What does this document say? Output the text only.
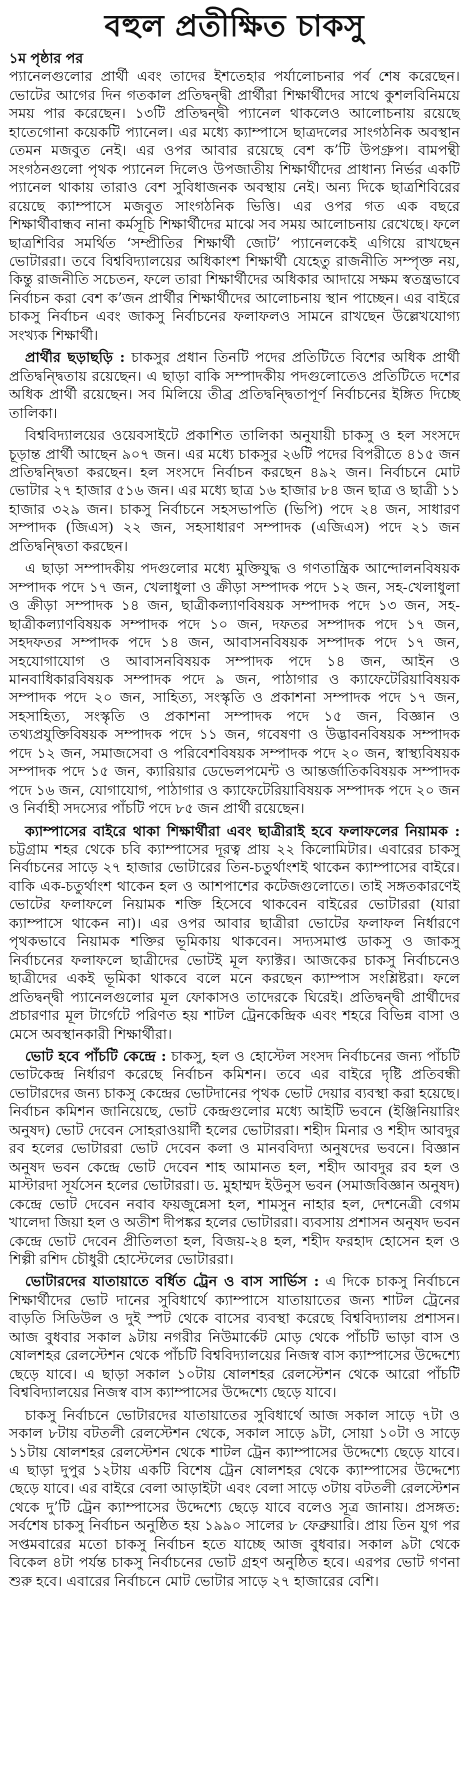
বহুল প্রতীক্ষিত চাকসু

১ম পৃষ্ঠার পর
প্যানেলগুলোর প্রার্থী এবং তাদের ইশতেহার পর্যালোচনার পর্ব শেষ করেছেন। ভোটের আগের দিন গতকাল প্রতিদ্বন্দ্বী প্রার্থীরা শিক্ষার্থীদের সাথে কুশলবিনিময়ে সময় পার করেছেন। ১৩টি প্রতিদ্বন্দ্বী প্যানেল থাকলেও আলোচনায় রয়েছে হাতেগোনা কয়েকটি প্যানেল। এর মধ্যে ক্যাম্পাসে ছাত্রদলের সাংগঠনিক অবস্থান তেমন মজবুত নেই। এর ওপর আবার রয়েছে বেশ ক’টি উপগ্রুপ। বামপন্থী সংগঠনগুলো পৃথক প্যানেল দিলেও উপজাতীয় শিক্ষার্থীদের প্রাধান্য নির্ভর একটি প্যানেল থাকায় তারাও বেশ সুবিধাজনক অবস্থায় নেই। অন্য দিকে ছাত্রশিবিরের রয়েছে ক্যাম্পাসে মজবুত সাংগঠনিক ভিত্তি। এর ওপর গত এক বছরে শিক্ষার্থীবান্ধব নানা কর্মসূচি শিক্ষার্থীদের মাঝে সব সময় আলোচনায় রেখেছে। ফলে ছাত্রশিবির সমর্থিত ‘সম্প্রীতির শিক্ষার্থী জোট’ প্যানেলকেই এগিয়ে রাখছেন ভোটাররা। তবে বিশ্ববিদ্যালয়ের অধিকাংশ শিক্ষার্থী যেহেতু রাজনীতি সম্পৃক্ত নয়, কিন্তু রাজনীতি সচেতন, ফলে তারা শিক্ষার্থীদের অধিকার আদায়ে সক্ষম স্বতন্ত্রভাবে নির্বাচন করা বেশ ক’জন প্রার্থীর শিক্ষার্থীদের আলোচনায় স্থান পাচ্ছেন। এর বাইরে চাকসু নির্বাচন এবং জাকসু নির্বাচনের ফলাফলও সামনে রাখছেন উল্লেখযোগ্য সংখ্যক শিক্ষার্থী।

প্রার্থীর ছড়াছড়ি : চাকসুর প্রধান তিনটি পদের প্রতিটিতে বিশের অধিক প্রার্থী প্রতিদ্বন্দ্বিতায় রয়েছেন। এ ছাড়া বাকি সম্পাদকীয় পদগুলোতেও প্রতিটিতে দশের অধিক প্রার্থী রয়েছেন। সব মিলিয়ে তীব্র প্রতিদ্বন্দ্বিতাপূর্ণ নির্বাচনের ইঙ্গিত দিচ্ছে তালিকা।

বিশ্ববিদ্যালয়ের ওয়েবসাইটে প্রকাশিত তালিকা অনুযায়ী চাকসু ও হল সংসদে চূড়ান্ত প্রার্থী আছেন ৯০৭ জন। এর মধ্যে চাকসুর ২৬টি পদের বিপরীতে ৪১৫ জন প্রতিদ্বন্দ্বিতা করছেন। হল সংসদে নির্বাচন করছেন ৪৯২ জন। নির্বাচনে মোট ভোটার ২৭ হাজার ৫১৬ জন। এর মধ্যে ছাত্র ১৬ হাজার ৮৪ জন ছাত্র ও ছাত্রী ১১ হাজার ৩২৯ জন। চাকসু নির্বাচনে সহসভাপতি (ভিপি) পদে ২৪ জন, সাধারণ সম্পাদক (জিএস) ২২ জন, সহসাধারণ সম্পাদক (এজিএস) পদে ২১ জন প্রতিদ্বন্দ্বিতা করছেন।

এ ছাড়া সম্পাদকীয় পদগুলোর মধ্যে মুক্তিযুদ্ধ ও গণতান্ত্রিক আন্দোলনবিষয়ক সম্পাদক পদে ১৭ জন, খেলাধুলা ও ক্রীড়া সম্পাদক পদে ১২ জন, সহ-খেলাধুলা ও ক্রীড়া সম্পাদক ১৪ জন, ছাত্রীকল্যাণবিষয়ক সম্পাদক পদে ১৩ জন, সহ-ছাত্রীকল্যাণবিষয়ক সম্পাদক পদে ১০ জন, দফতর সম্পাদক পদে ১৭ জন, সহদফতর সম্পাদক পদে ১৪ জন, আবাসনবিষয়ক সম্পাদক পদে ১৭ জন, সহযোগাযোগ ও আবাসনবিষয়ক সম্পাদক পদে ১৪ জন, আইন ও মানবাধিকারবিষয়ক সম্পাদক পদে ৯ জন, পাঠাগার ও ক্যাফেটেরিয়াবিষয়ক সম্পাদক পদে ২০ জন, সাহিত্য, সংস্কৃতি ও প্রকাশনা সম্পাদক পদে ১৭ জন, সহসাহিত্য, সংস্কৃতি ও প্রকাশনা সম্পাদক পদে ১৫ জন, বিজ্ঞান ও তথ্যপ্রযুক্তিবিষয়ক সম্পাদক পদে ১১ জন, গবেষণা ও উদ্ভাবনবিষয়ক সম্পাদক পদে ১২ জন, সমাজসেবা ও পরিবেশবিষয়ক সম্পাদক পদে ২০ জন, স্বাস্থ্যবিষয়ক সম্পাদক পদে ১৫ জন, ক্যারিয়ার ডেভেলপমেন্ট ও আন্তর্জাতিকবিষয়ক সম্পাদক পদে ১৬ জন, যোগাযোগ, পাঠাগার ও ক্যাফেটেরিয়াবিষয়ক সম্পাদক পদে ২০ জন ও নির্বাহী সদস্যের পাঁচটি পদে ৮৫ জন প্রার্থী রয়েছেন।

ক্যাম্পাসের বাইরে থাকা শিক্ষার্থীরা এবং ছাত্রীরাই হবে ফলাফলের নিয়ামক : চট্টগ্রাম শহর থেকে চবি ক্যাম্পাসের দূরত্ব প্রায় ২২ কিলোমিটার। এবারের চাকসু নির্বাচনের সাড়ে ২৭ হাজার ভোটারের তিন-চতুর্থাংশই থাকেন ক্যাম্পাসের বাইরে। বাকি এক-চতুর্থাংশ থাকেন হল ও আশপাশের কটেজগুলোতে। তাই সঙ্গতকারণেই ভোটের ফলাফলে নিয়ামক শক্তি হিসেবে থাকবেন বাইরের ভোটাররা (যারা ক্যাম্পাসে থাকেন না)। এর ওপর আবার ছাত্রীরা ভোটের ফলাফল নির্ধারণে পৃথকভাবে নিয়ামক শক্তির ভূমিকায় থাকবেন। সদ্যসমাপ্ত ডাকসু ও জাকসু নির্বাচনের ফলাফলে ছাত্রীদের ভোটই মূল ফ্যাক্টর। আজকের চাকসু নির্বাচনেও ছাত্রীদের একই ভূমিকা থাকবে বলে মনে করছেন ক্যাম্পাস সংশ্লিষ্টরা। ফলে প্রতিদ্বন্দ্বী প্যানেলগুলোর মূল ফোকাসও তাদেরকে ঘিরেই। প্রতিদ্বন্দ্বী প্রার্থীদের প্রচারণার মূল টার্গেটে পরিণত হয় শাটল ট্রেনকেন্দ্রিক এবং শহরে বিভিন্ন বাসা ও মেসে অবস্থানকারী শিক্ষার্থীরা।

ভোট হবে পাঁচটি কেন্দ্রে : চাকসু, হল ও হোস্টেল সংসদ নির্বাচনের জন্য পাঁচটি ভোটকেন্দ্র নির্ধারণ করেছে নির্বাচন কমিশন। তবে এর বাইরে দৃষ্টি প্রতিবন্ধী ভোটারদের জন্য চাকসু কেন্দ্রের ভোটদানের পৃথক ভোট দেয়ার ব্যবস্থা করা হয়েছে। নির্বাচন কমিশন জানিয়েছে, ভোট কেন্দ্রগুলোর মধ্যে আইটি ভবনে (ইঞ্জিনিয়ারিং অনুষদ) ভোট দেবেন সোহরাওয়ার্দী হলের ভোটাররা। শহীদ মিনার ও শহীদ আবদুর রব হলের ভোটাররা ভোট দেবেন কলা ও মানববিদ্যা অনুষদের ভবনে। বিজ্ঞান অনুষদ ভবন কেন্দ্রে ভোট দেবেন শাহ আমানত হল, শহীদ আবদুর রব হল ও মাস্টারদা সূর্যসেন হলের ভোটাররা। ড. মুহাম্মদ ইউনুস ভবন (সমাজবিজ্ঞান অনুষদ) কেন্দ্রে ভোট দেবেন নবাব ফয়জুন্নেসা হল, শামসুন নাহার হল, দেশনেত্রী বেগম খালেদা জিয়া হল ও অতীশ দীপঙ্কর হলের ভোটাররা। ব্যবসায় প্রশাসন অনুষদ ভবন কেন্দ্রে ভোট দেবেন প্রীতিলতা হল, বিজয়-২৪ হল, শহীদ ফরহাদ হোসেন হল ও শিল্পী রশিদ চৌধুরী হোস্টেলের ভোটাররা।

ভোটারদের যাতায়াতে বর্ধিত ট্রেন ও বাস সার্ভিস : এ দিকে চাকসু নির্বাচনে শিক্ষার্থীদের ভোট দানের সুবিধার্থে ক্যাম্পাসে যাতায়াতের জন্য শাটল ট্রেনের বাড়তি সিডিউল ও দুই স্পট থেকে বাসের ব্যবস্থা করেছে বিশ্ববিদ্যালয় প্রশাসন। আজ বুধবার সকাল ৯টায় নগরীর নিউমার্কেট মোড় থেকে পাঁচটি ভাড়া বাস ও ষোলশহর রেলস্টেশন থেকে পাঁচটি বিশ্ববিদ্যালয়ের নিজস্ব বাস ক্যাম্পাসের উদ্দেশ্যে ছেড়ে যাবে। এ ছাড়া সকাল ১০টায় ষোলশহর রেলস্টেশন থেকে আরো পাঁচটি বিশ্ববিদ্যালয়ের নিজস্ব বাস ক্যাম্পাসের উদ্দেশ্যে ছেড়ে যাবে।

চাকসু নির্বাচনে ভোটারদের যাতায়াতের সুবিধার্থে আজ সকাল সাড়ে ৭টা ও সকাল ৮টায় বটতলী রেলস্টেশন থেকে, সকাল সাড়ে ৯টা, সোয়া ১০টা ও সাড়ে ১১টায় ষোলশহর রেলস্টেশন থেকে শাটল ট্রেন ক্যাম্পাসের উদ্দেশ্যে ছেড়ে যাবে। এ ছাড়া দুপুর ১২টায় একটি বিশেষ ট্রেন ষোলশহর থেকে ক্যাম্পাসের উদ্দেশ্যে ছেড়ে যাবে। এর বাইরে বেলা আড়াইটা এবং বেলা সাড়ে ৩টায় বটতলী রেলস্টেশন থেকে দু’টি ট্রেন ক্যাম্পাসের উদ্দেশ্যে ছেড়ে যাবে বলেও সূত্র জানায়। প্রসঙ্গত: সর্বশেষ চাকসু নির্বাচন অনুষ্ঠিত হয় ১৯৯০ সালের ৮ ফেব্রুয়ারি। প্রায় তিন যুগ পর সপ্তমবারের মতো চাকসু নির্বাচন হতে যাচ্ছে আজ বুধবার। সকাল ৯টা থেকে বিকেল ৪টা পর্যন্ত চাকসু নির্বাচনের ভোট গ্রহণ অনুষ্ঠিত হবে। এরপর ভোট গণনা শুরু হবে। এবারের নির্বাচনে মোট ভোটার সাড়ে ২৭ হাজারের বেশি।
